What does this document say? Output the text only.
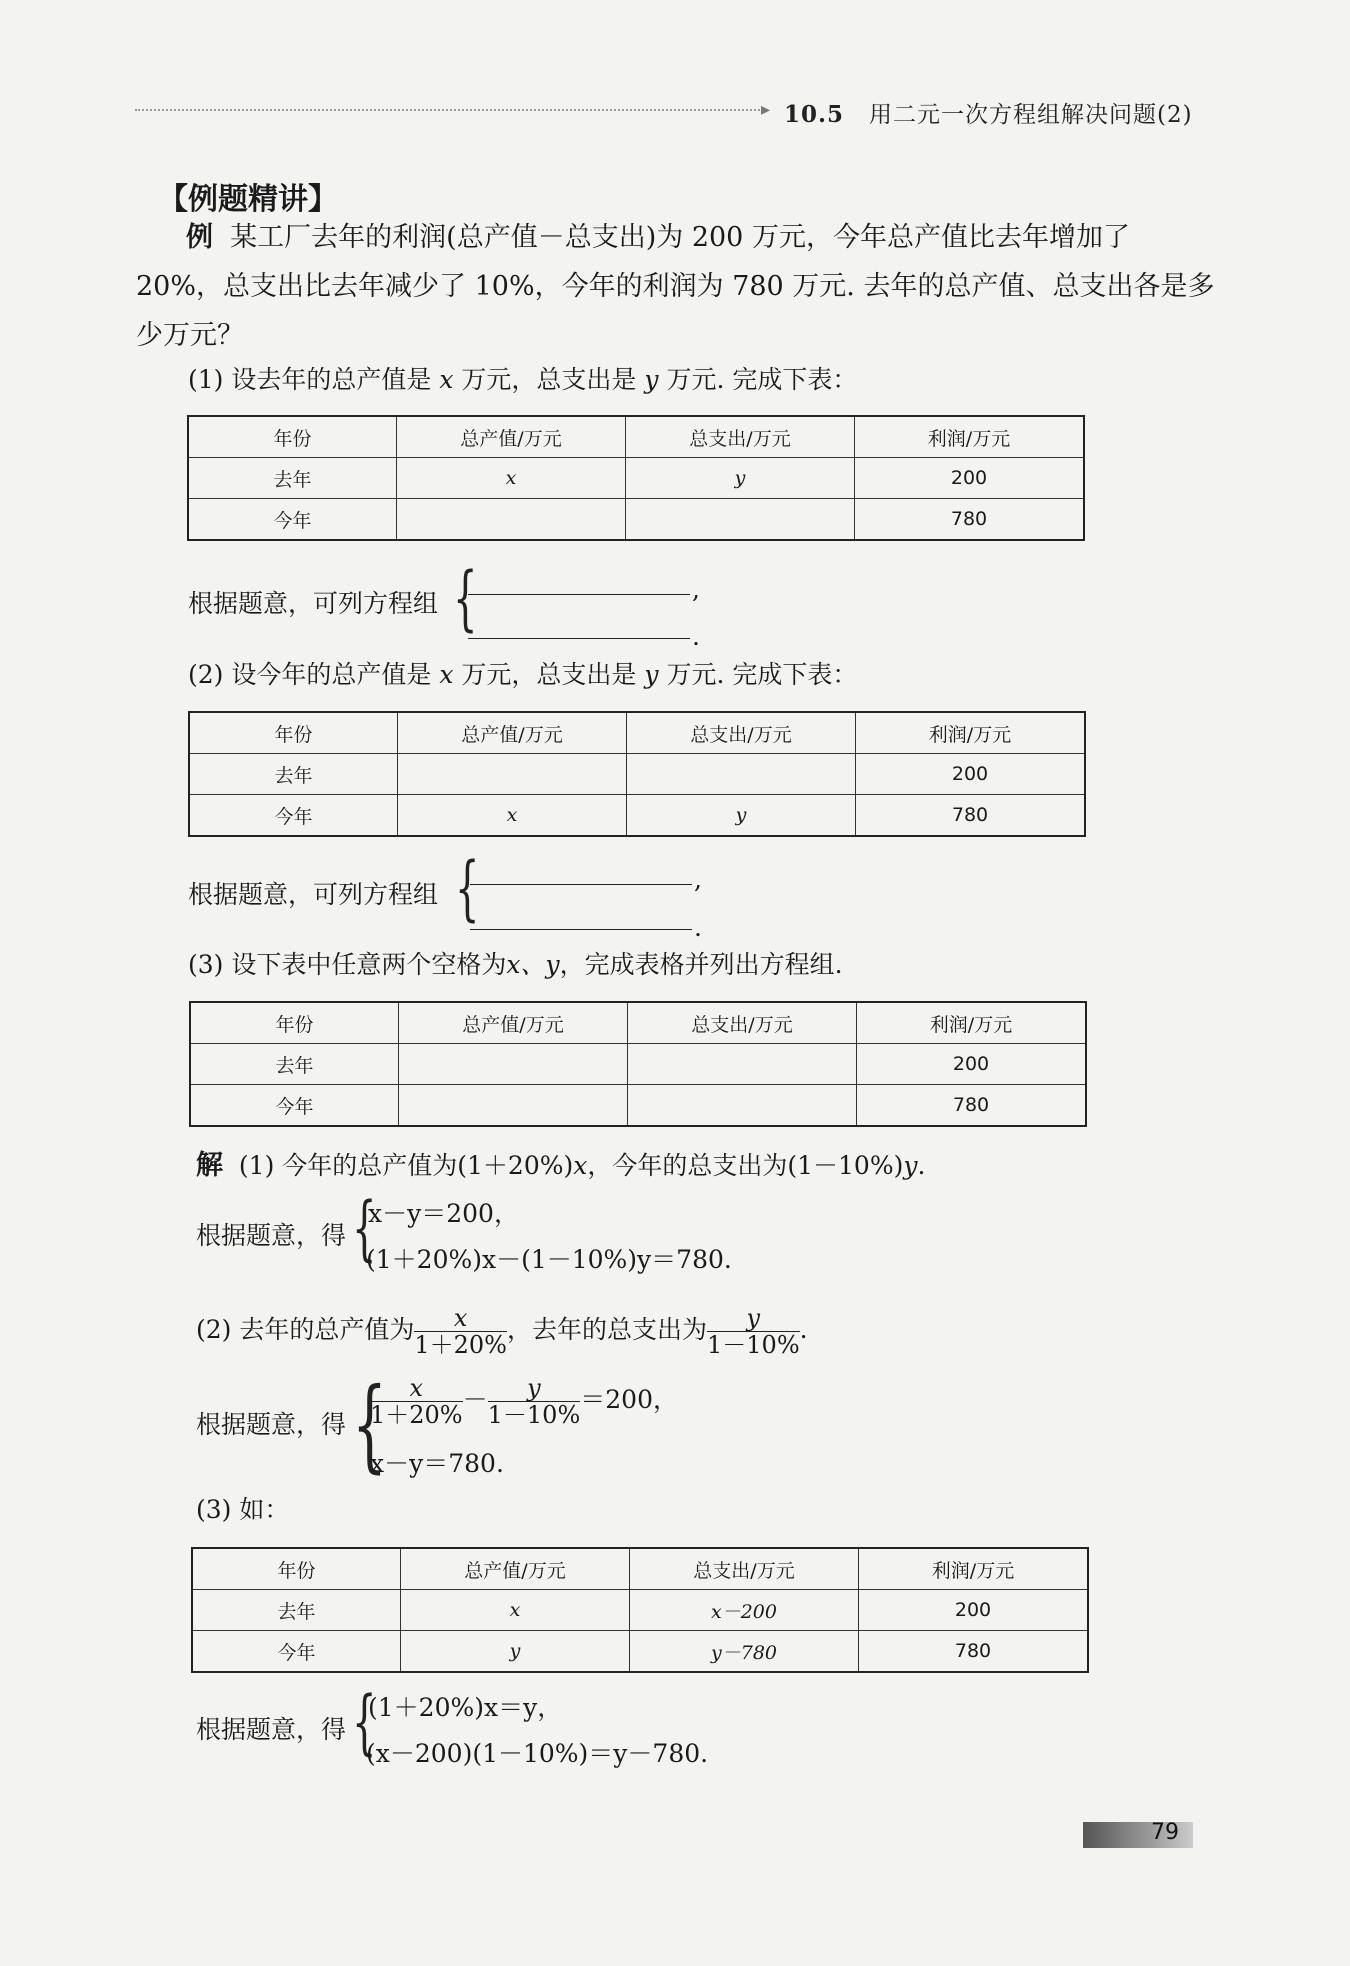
▸ 10.5 用二元一次方程组解决问题(2)
【例题精讲】
例 某工厂去年的利润(总产值－总支出)为 200 万元，今年总产值比去年增加了
20%，总支出比去年减少了 10%，今年的利润为 780 万元. 去年的总产值、总支出各是多
少万元？
(1) 设去年的总产值是 x 万元，总支出是 y 万元. 完成下表：
年份	总产值/万元	总支出/万元	利润/万元
去年	x	y	200
今年			780
根据题意，可列方程组 {	,
.
(2) 设今年的总产值是 x 万元，总支出是 y 万元. 完成下表：
年份	总产值/万元	总支出/万元	利润/万元
去年			200
今年	x	y	780
根据题意，可列方程组 {	,
.
(3) 设下表中任意两个空格为x、y，完成表格并列出方程组.
年份	总产值/万元	总支出/万元	利润/万元
去年			200
今年			780
解 (1) 今年的总产值为(1＋20%)x，今年的总支出为(1－10%)y.
根据题意，得 {
x－y＝200，
(1＋20%)x－(1－10%)y＝780.
(2) 去年的总产值为 $\frac{x}{1+20\%}$ ，去年的总支出为 $\frac{y}{1-10\%}$ .
根据题意，得 {
$\frac{x}{1+20\%} - \frac{y}{1-10\%} =200$，
x－y＝780.
(3) 如：
年份	总产值/万元	总支出/万元	利润/万元
去年	x	x－200	200
今年	y	y－780	780
根据题意，得 {
(1＋20%)x＝y，
(x－200)(1－10%)＝y－780.
79
